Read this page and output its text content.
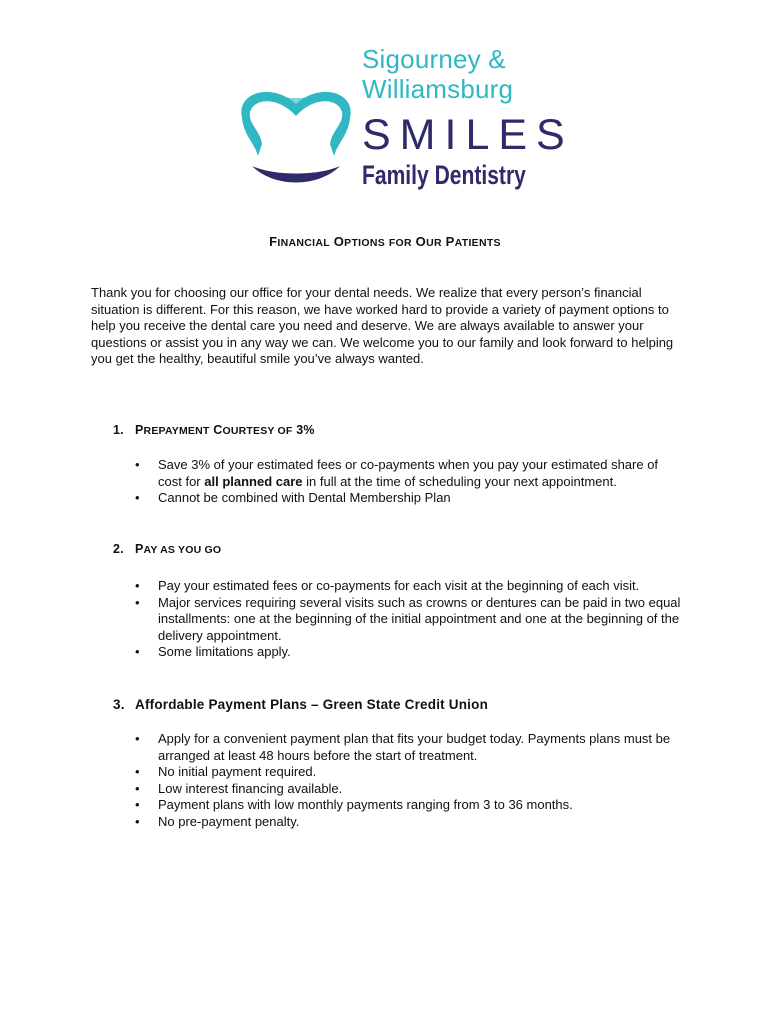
Sigourney &
Williamsburg
SMILES
Family Dentistry
FINANCIAL OPTIONS FOR OUR PATIENTS

Thank you for choosing our office for your dental needs. We realize that every person’s financial situation is different. For this reason, we have worked hard to provide a variety of payment options to help you receive the dental care you need and deserve. We are always available to answer your questions or assist you in any way we can. We welcome you to our family and look forward to helping you get the healthy, beautiful smile you’ve always wanted.

1. PREPAYMENT COURTESY OF 3%
• Save 3% of your estimated fees or co-payments when you pay your estimated share of cost for all planned care in full at the time of scheduling your next appointment.
• Cannot be combined with Dental Membership Plan
2. PAY AS YOU GO
• Pay your estimated fees or co-payments for each visit at the beginning of each visit.
• Major services requiring several visits such as crowns or dentures can be paid in two equal installments: one at the beginning of the initial appointment and one at the beginning of the delivery appointment.
• Some limitations apply.
3. Affordable Payment Plans – Green State Credit Union
• Apply for a convenient payment plan that fits your budget today. Payments plans must be arranged at least 48 hours before the start of treatment.
• No initial payment required.
• Low interest financing available.
• Payment plans with low monthly payments ranging from 3 to 36 months.
• No pre-payment penalty.
